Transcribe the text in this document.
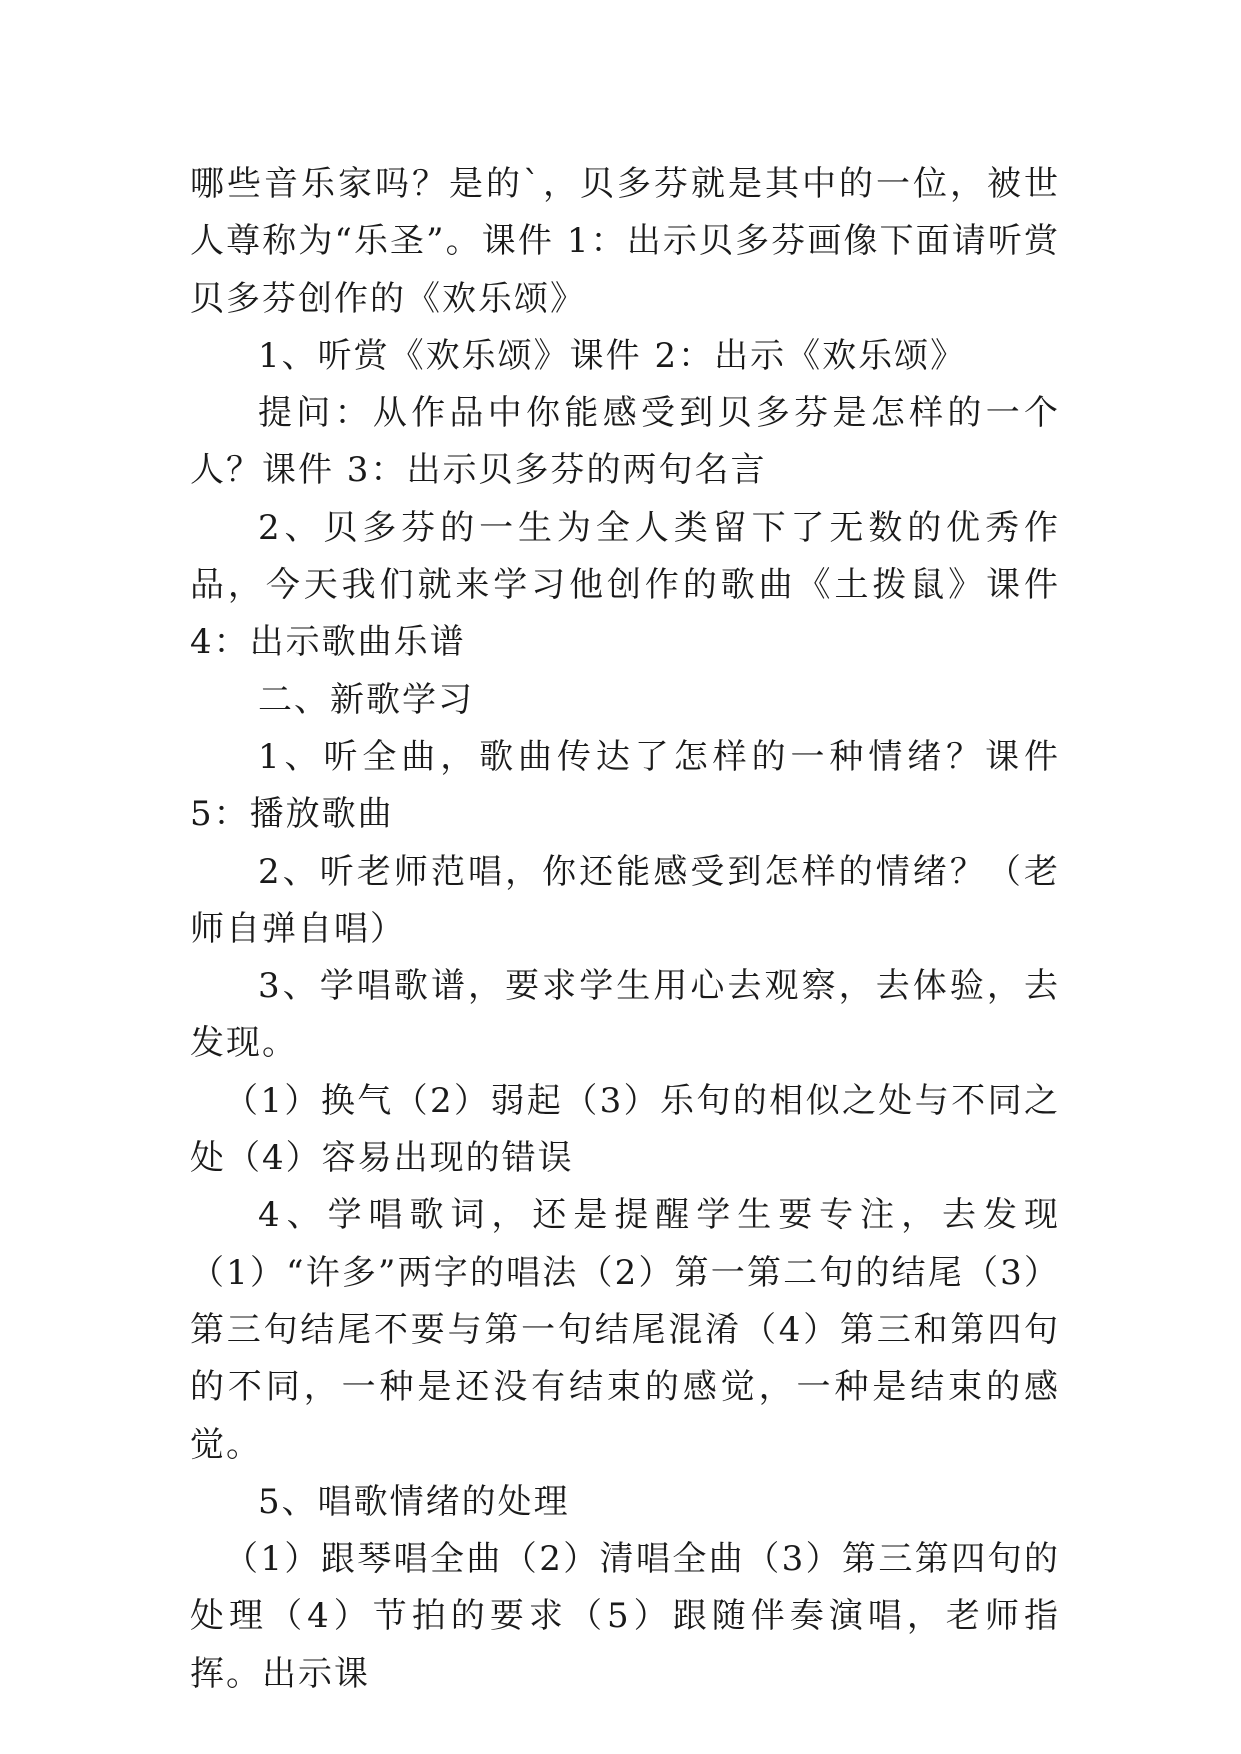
哪些音乐家吗？是的`，贝多芬就是其中的一位，被世人尊称为“乐圣”。课件 1：出示贝多芬画像下面请听赏贝多芬创作的《欢乐颂》

1、听赏《欢乐颂》课件 2：出示《欢乐颂》

提问：从作品中你能感受到贝多芬是怎样的一个人？课件 3：出示贝多芬的两句名言

2、贝多芬的一生为全人类留下了无数的优秀作品，今天我们就来学习他创作的歌曲《土拨鼠》课件 4：出示歌曲乐谱

二、新歌学习

1、听全曲，歌曲传达了怎样的一种情绪？课件 5：播放歌曲

2、听老师范唱，你还能感受到怎样的情绪？（老师自弹自唱）

3、学唱歌谱，要求学生用心去观察，去体验，去发现。

（1）换气（2）弱起（3）乐句的相似之处与不同之处（4）容易出现的错误

4、学唱歌词，还是提醒学生要专注，去发现（1）“许多”两字的唱法（2）第一第二句的结尾（3）第三句结尾不要与第一句结尾混淆（4）第三和第四句的不同，一种是还没有结束的感觉，一种是结束的感觉。

5、唱歌情绪的处理

（1）跟琴唱全曲（2）清唱全曲（3）第三第四句的处理（4）节拍的要求（5）跟随伴奏演唱，老师指挥。出示课
